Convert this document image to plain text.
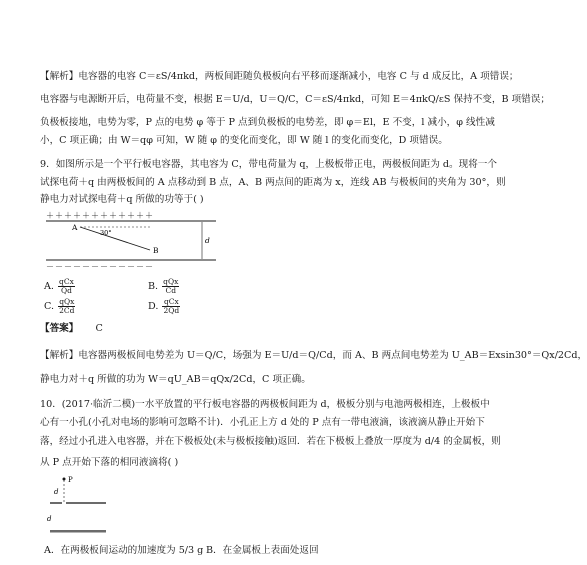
【解析】电容器的电容 C＝εS/4πkd，两板间距随负极板向右平移而逐渐减小，电容 C 与 d 成反比，A 项错误；
电容器与电源断开后，电荷量不变，根据 E＝U/d，U＝Q/C，C＝εS/4πkd，可知 E＝4πkQ/εS 保持不变，B 项错误；
负极板接地，电势为零，P 点的电势 φ 等于 P 点到负极板的电势差，即 φ＝El，E 不变，l 减小，φ 线性减
小，C 项正确；由 W＝qφ 可知，W 随 φ 的变化而变化，即 W 随 l 的变化而变化，D 项错误。
9．如图所示是一个平行板电容器，其电容为 C，带电荷量为 q，上极板带正电，两极板间距为 d。现将一个
试探电荷＋q 由两极板间的 A 点移动到 B 点，A、B 两点间的距离为 x，连线 AB 与极板间的夹角为 30°，则
静电力对试探电荷＋q 所做的功等于( )
＋＋＋＋＋＋＋＋＋＋＋＋
－－－－－－－－－－－－
A
B
30°
d
A. $\frac{\text{qCx}}{Qd}$	B. $\frac{\text{qQx}}{Cd}$
C. $\frac{\text{qQx}}{2Cd}$	D. $\frac{\text{qCx}}{2Qd}$
【答案】 C
【解析】电容器两极板间电势差为 U＝Q/C，场强为 E＝U/d＝Q/Cd，而 A、B 两点间电势差为 U_AB＝Exsin30°＝Qx/2Cd，
静电力对＋q 所做的功为 W＝qU_AB＝qQx/2Cd，C 项正确。
10．(2017·临沂二模)一水平放置的平行板电容器的两极板间距为 d，极板分别与电池两极相连，上极板中
心有一小孔(小孔对电场的影响可忽略不计)．小孔正上方 d 处的 P 点有一带电液滴，该液滴从静止开始下
落，经过小孔进入电容器，并在下极板处(未与极板接触)返回．若在下极板上叠放一厚度为 d/4 的金属板，则
从 P 点开始下落的相同液滴将( )
P
d
d
A．在两极板间运动的加速度为 5/3 g B．在金属板上表面处返回
